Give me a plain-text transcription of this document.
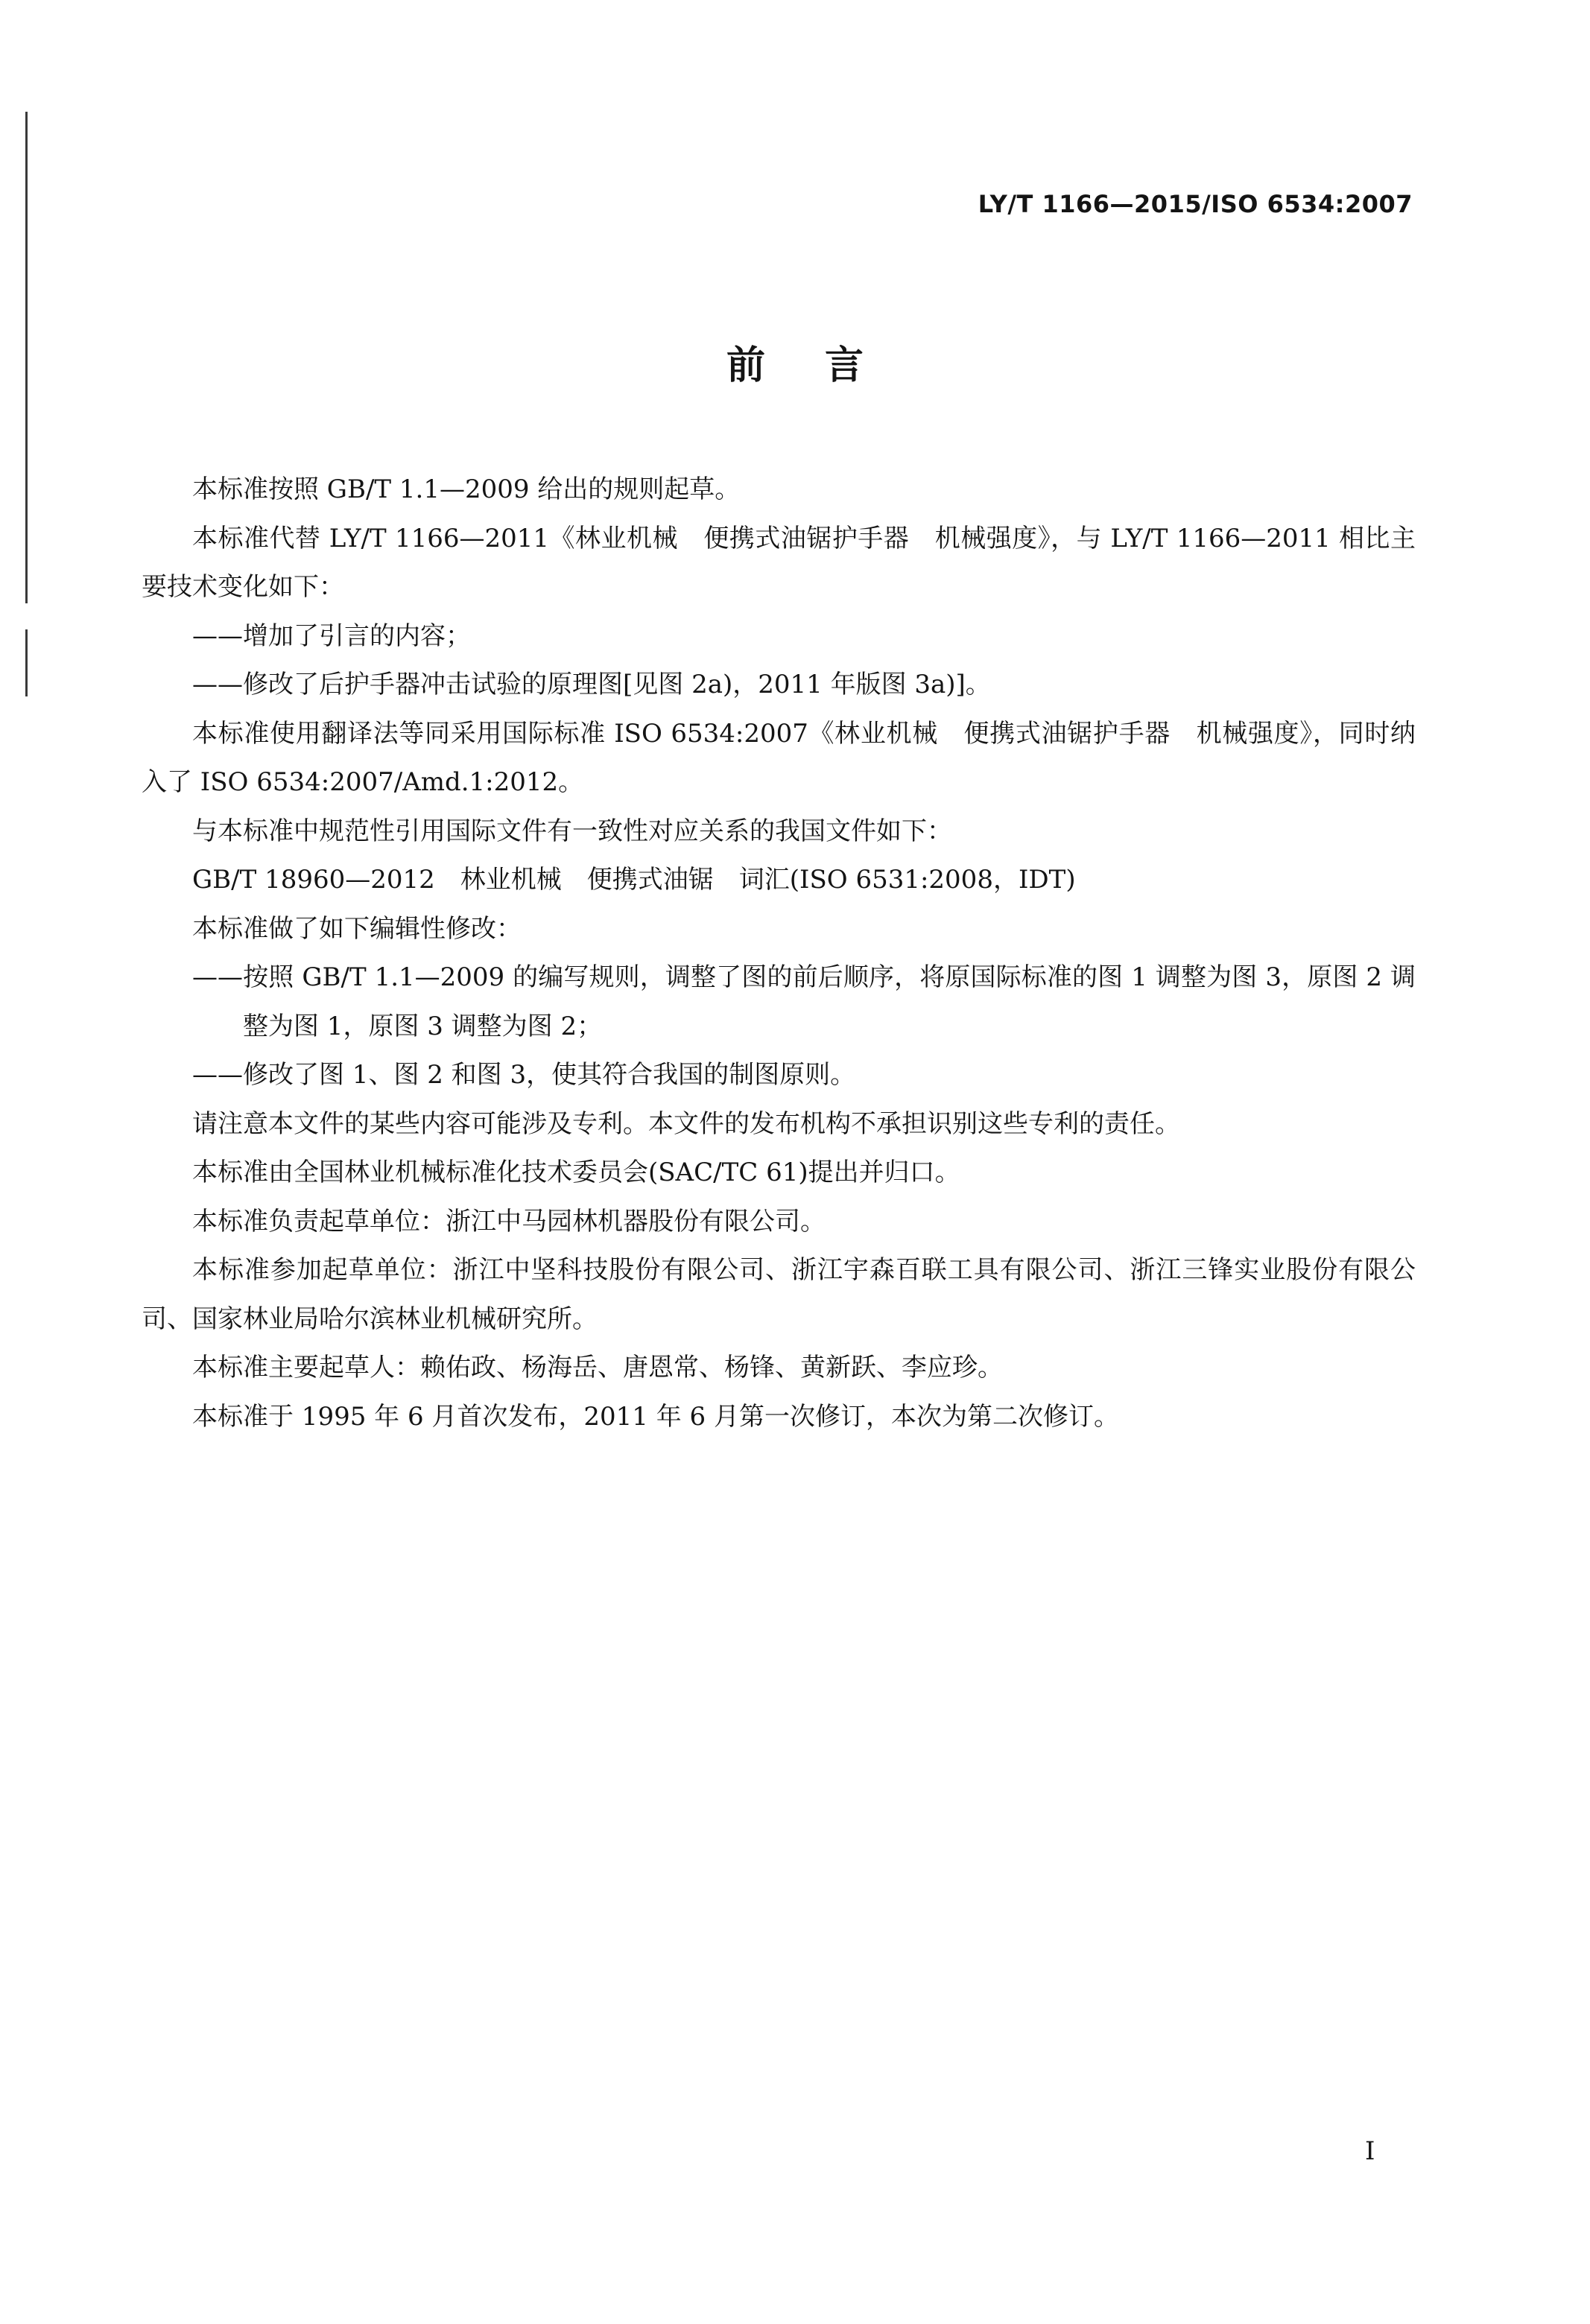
LY/T 1166—2015/ISO 6534:2007
前言

本标准按照 GB/T 1.1—2009 给出的规则起草。

本标准代替 LY/T 1166—2011《林业机械　便携式油锯护手器　机械强度》，与 LY/T 1166—2011 相比主要技术变化如下：

——增加了引言的内容；

——修改了后护手器冲击试验的原理图[见图 2a)，2011 年版图 3a)]。

本标准使用翻译法等同采用国际标准 ISO 6534:2007《林业机械　便携式油锯护手器　机械强度》，同时纳入了 ISO 6534:2007/Amd.1:2012。

与本标准中规范性引用国际文件有一致性对应关系的我国文件如下：

GB/T 18960—2012　林业机械　便携式油锯　词汇(ISO 6531:2008，IDT)

本标准做了如下编辑性修改：

——按照 GB/T 1.1—2009 的编写规则，调整了图的前后顺序，将原国际标准的图 1 调整为图 3，原图 2 调整为图 1，原图 3 调整为图 2；

——修改了图 1、图 2 和图 3，使其符合我国的制图原则。

请注意本文件的某些内容可能涉及专利。本文件的发布机构不承担识别这些专利的责任。

本标准由全国林业机械标准化技术委员会(SAC/TC 61)提出并归口。

本标准负责起草单位：浙江中马园林机器股份有限公司。

本标准参加起草单位：浙江中坚科技股份有限公司、浙江宇森百联工具有限公司、浙江三锋实业股份有限公司、国家林业局哈尔滨林业机械研究所。

本标准主要起草人：赖佑政、杨海岳、唐恩常、杨锋、黄新跃、李应珍。

本标准于 1995 年 6 月首次发布，2011 年 6 月第一次修订，本次为第二次修订。

I
